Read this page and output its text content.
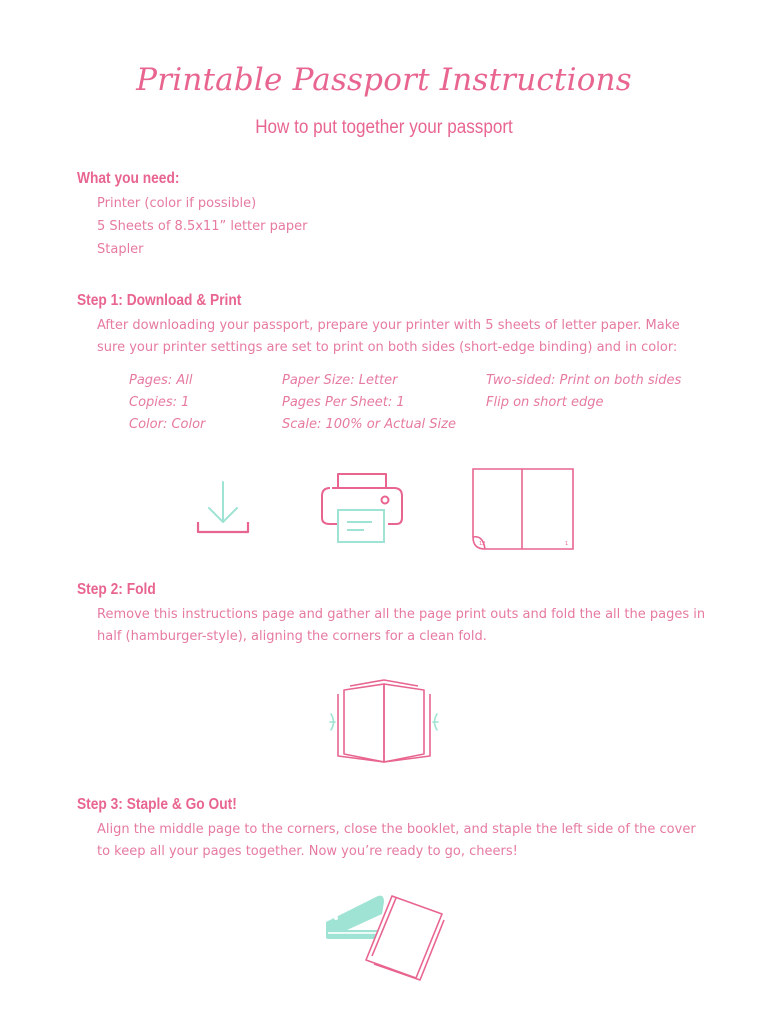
Printable Passport Instructions
How to put together your passport
What you need:
Printer (color if possible)
5 Sheets of 8.5x11” letter paper
Stapler
Step 1: Download & Print

After downloading your passport, prepare your printer with 5 sheets of letter paper. Make sure your printer settings are set to print on both sides (short-edge binding) and in color:

Pages: All
Copies: 1
Color: Color
Paper Size: Letter
Pages Per Sheet: 1
Scale: 100% or Actual Size
Two-sided: Print on both sides
Flip on short edge
12	1
Step 2: Fold

Remove this instructions page and gather all the page print outs and fold the all the pages in half (hamburger-style), aligning the corners for a clean fold.

Step 3: Staple & Go Out!

Align the middle page to the corners, close the booklet, and staple the left side of the cover to keep all your pages together. Now you’re ready to go, cheers!
